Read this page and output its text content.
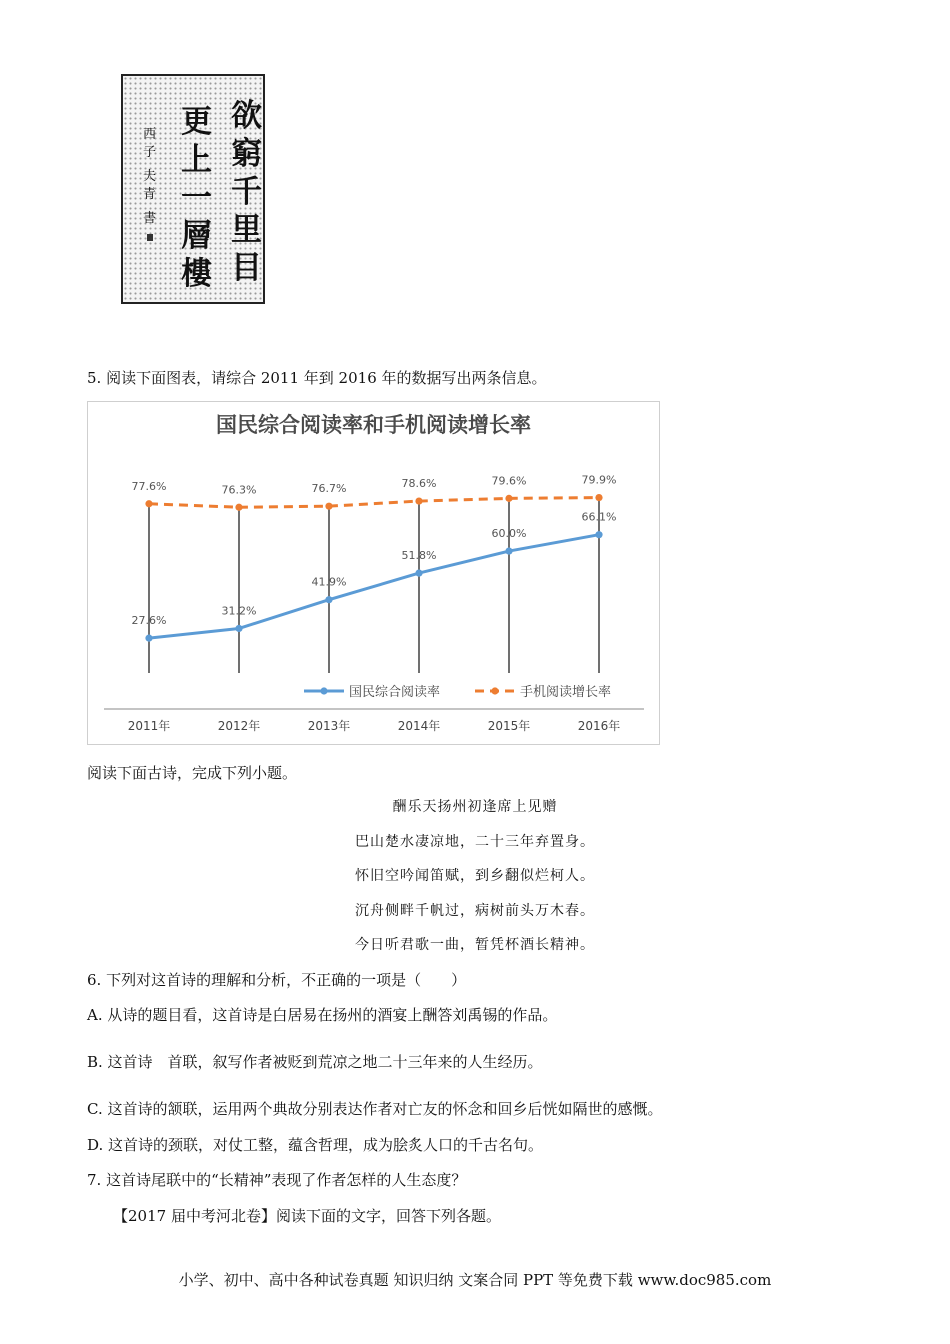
欲
窮
千
里
目
更
上
一
層
樓
西
子
夫
青
書
5. 阅读下面图表，请综合 2011 年到 2016 年的数据写出两条信息。
国民综合阅读率和手机阅读增长率
2011年	2012年	2013年	2014年	2015年	2016年
27.6%
31.2%
41.9%
51.8%
60.0%
66.1%
77.6%	76.3%	76.7%	78.6%	79.6%	79.9%
国民综合阅读率	手机阅读增长率
阅读下面古诗，完成下列小题。
酬乐天扬州初逢席上见赠
巴山楚水凄凉地，二十三年弃置身。
怀旧空吟闻笛赋，到乡翻似烂柯人。
沉舟侧畔千帆过，病树前头万木春。
今日听君歌一曲，暂凭杯酒长精神。
6. 下列对这首诗的理解和分析，不正确的一项是（　　）
A. 从诗的题目看，这首诗是白居易在扬州的酒宴上酬答刘禹锡的作品。
B. 这首诗　首联，叙写作者被贬到荒凉之地二十三年来的人生经历。
C. 这首诗的颔联，运用两个典故分别表达作者对亡友的怀念和回乡后恍如隔世的感慨。
D. 这首诗的颈联，对仗工整，蕴含哲理，成为脍炙人口的千古名句。
7. 这首诗尾联中的“长精神”表现了作者怎样的人生态度？
【2017 届中考河北卷】阅读下面的文字，回答下列各题。
小学、初中、高中各种试卷真题 知识归纳 文案合同 PPT 等免费下载 www.doc985.com
